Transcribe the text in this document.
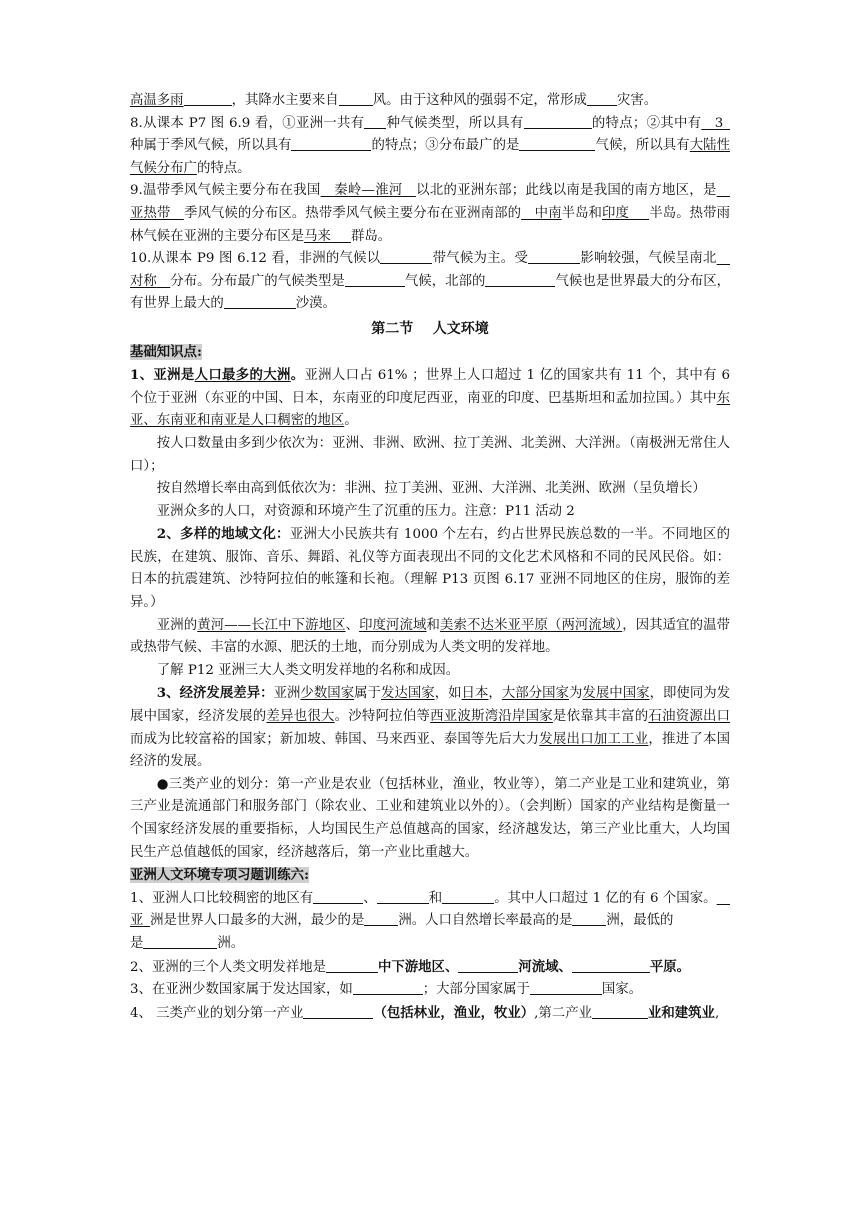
高温多雨	，其降水主要来自	风。由于这种风的强弱不定，常形成 灾害。

8.从课本 P7 图 6.9 看，①亚洲一共有 种气候类型，所以具有	的特点；②其中有   3 种属于季风气候，所以具有	的特点；③分布最广的是	气候，所以具有大陆性气候分布广的特点。

9.温带季风气候主要分布在我国   秦岭—淮河   以北的亚洲东部；此线以南是我国的南方地区，是  亚热带   季风气候的分布区。热带季风气候主要分布在亚洲南部的   中南半岛和印度    半岛。热带雨林气候在亚洲的主要分布区是马来    群岛。

10.从课本 P9 图 6.12 看，非洲的气候以	带气候为主。受	影响较强，气候呈南北  对称   分布。分布最广的气候类型是	气候，北部的	气候也是世界最大的分布区，有世界上最大的	沙漠。

第二节    人文环境

基础知识点:

1、亚洲是人口最多的大洲。亚洲人口占 61% ；世界上人口超过 1 亿的国家共有 11 个，其中有 6 个位于亚洲（东亚的中国、日本，东南亚的印度尼西亚，南亚的印度、巴基斯坦和孟加拉国。）其中东亚、东南亚和南亚是人口稠密的地区。

按人口数量由多到少依次为：亚洲、非洲、欧洲、拉丁美洲、北美洲、大洋洲。（南极洲无常住人口）；

按自然增长率由高到低依次为：非洲、拉丁美洲、亚洲、大洋洲、北美洲、欧洲（呈负增长）

亚洲众多的人口，对资源和环境产生了沉重的压力。注意：P11 活动 2

2、多样的地域文化：亚洲大小民族共有 1000 个左右，约占世界民族总数的一半。不同地区的民族，在建筑、服饰、音乐、舞蹈、礼仪等方面表现出不同的文化艺术风格和不同的民风民俗。如：日本的抗震建筑、沙特阿拉伯的帐篷和长袍。（理解 P13 页图 6.17 亚洲不同地区的住房，服饰的差异。）

亚洲的黄河——长江中下游地区、印度河流域和美索不达米亚平原（两河流域），因其适宜的温带或热带气候、丰富的水源、肥沃的土地，而分别成为人类文明的发祥地。

了解 P12 亚洲三大人类文明发祥地的名称和成因。

3、经济发展差异：亚洲少数国家属于发达国家，如日本，大部分国家为发展中国家，即使同为发展中国家，经济发展的差异也很大。沙特阿拉伯等西亚波斯湾沿岸国家是依靠其丰富的石油资源出口而成为比较富裕的国家；新加坡、韩国、马来西亚、泰国等先后大力发展出口加工工业，推进了本国经济的发展。

●三类产业的划分：第一产业是农业（包括林业，渔业，牧业等），第二产业是工业和建筑业，第三产业是流通部门和服务部门（除农业、工业和建筑业以外的）。（会判断）国家的产业结构是衡量一个国家经济发展的重要指标，人均国民生产总值越高的国家，经济越发达，第三产业比重大，人均国民生产总值越低的国家，经济越落后，第一产业比重越大。

亚洲人文环境专项习题训练六:

1、亚洲人口比较稠密的地区有	、	和	。其中人口超过 1 亿的有 6 个国家。  亚  洲是世界人口最多的大洲，最少的是	洲。人口自然增长率最高的是	洲，最低的
是	洲。

2、亚洲的三个人类文明发祥地是	中下游地区、	河流域、	平原。

3、在亚洲少数国家属于发达国家，如	；大部分国家属于	国家。

4、 三类产业的划分第一产业	（包括林业，渔业，牧业）,第二产业	业和建筑业,
